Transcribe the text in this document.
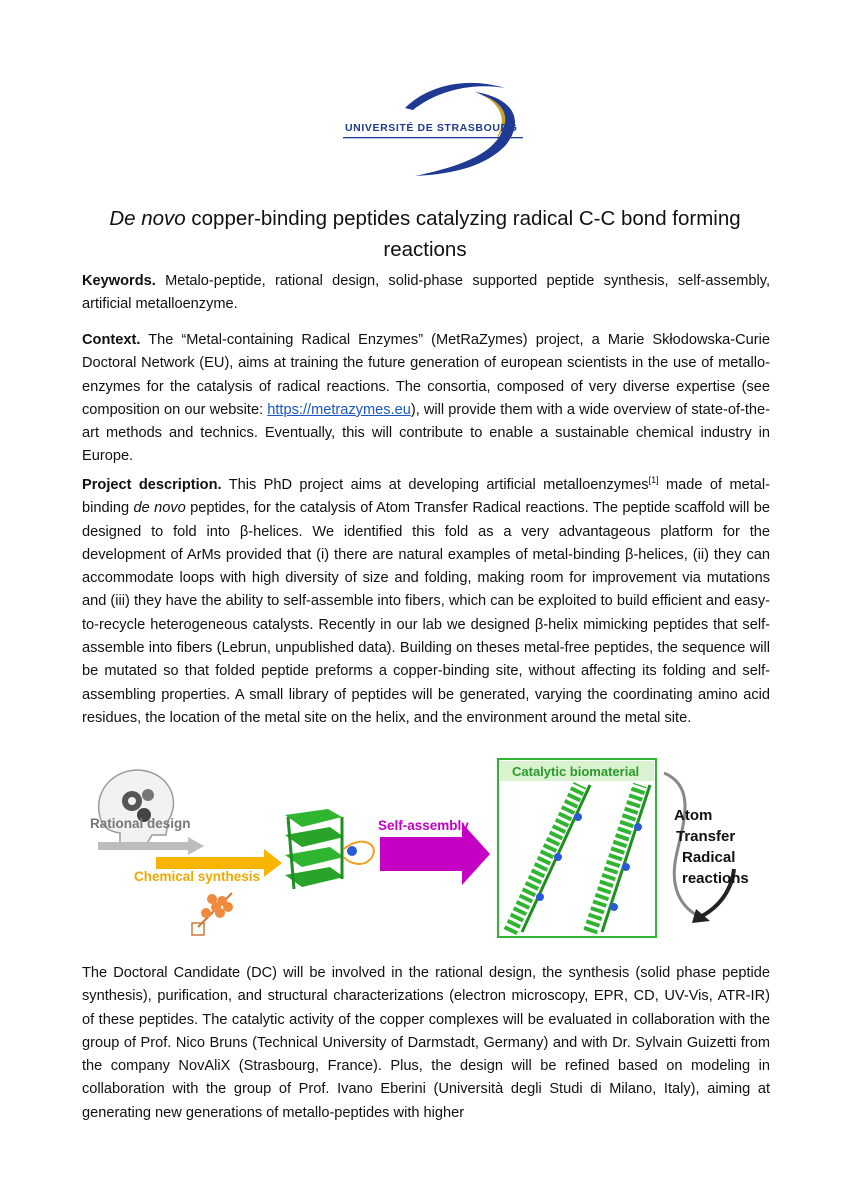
UNIVERSITÉ DE STRASBOURG
De novo copper-binding peptides catalyzing radical C-C bond forming
reactions

Keywords. Metalo-peptide, rational design, solid-phase supported peptide synthesis, self-assembly, artificial metalloenzyme.

Context. The “Metal-containing Radical Enzymes” (MetRaZymes) project, a Marie Skłodowska-Curie Doctoral Network (EU), aims at training the future generation of european scientists in the use of metallo-enzymes for the catalysis of radical reactions. The consortia, composed of very diverse expertise (see composition on our website: https://metrazymes.eu), will provide them with a wide overview of state-of-the-art methods and technics. Eventually, this will contribute to enable a sustainable chemical industry in Europe.

Project description. This PhD project aims at developing artificial metalloenzymes[1] made of metal-binding de novo peptides, for the catalysis of Atom Transfer Radical reactions. The peptide scaffold will be designed to fold into β-helices. We identified this fold as a very advantageous platform for the development of ArMs provided that (i) there are natural examples of metal-binding β-helices, (ii) they can accommodate loops with high diversity of size and folding, making room for improvement via mutations and (iii) they have the ability to self-assemble into fibers, which can be exploited to build efficient and easy-to-recycle heterogeneous catalysts. Recently in our lab we designed β-helix mimicking peptides that self-assemble into fibers (Lebrun, unpublished data). Building on theses metal-free peptides, the sequence will be mutated so that folded peptide preforms a copper-binding site, without affecting its folding and self-assembling properties. A small library of peptides will be generated, varying the coordinating amino acid residues, the location of the metal site on the helix, and the environment around the metal site.

Rational design
Chemical synthesis
Self-assembly
Catalytic biomaterial
Atom
Transfer
Radical
reactions

The Doctoral Candidate (DC) will be involved in the rational design, the synthesis (solid phase peptide synthesis), purification, and structural characterizations (electron microscopy, EPR, CD, UV-Vis, ATR-IR) of these peptides. The catalytic activity of the copper complexes will be evaluated in collaboration with the group of Prof. Nico Bruns (Technical University of Darmstadt, Germany) and with Dr. Sylvain Guizetti from the company NovAliX (Strasbourg, France). Plus, the design will be refined based on modeling in collaboration with the group of Prof. Ivano Eberini (Università degli Studi di Milano, Italy), aiming at generating new generations of metallo-peptides with higher
